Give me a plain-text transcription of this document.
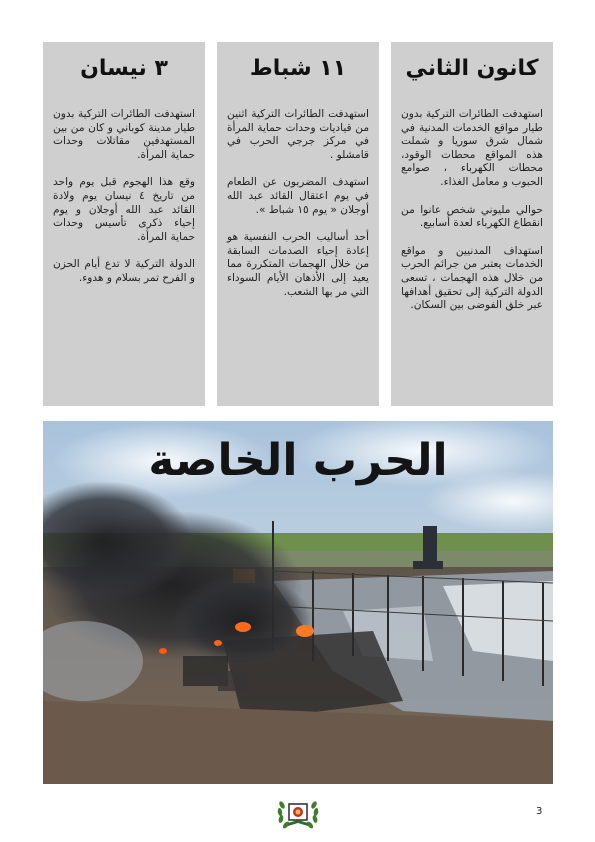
كانون الثاني

استهدفت الطائرات التركية بدون طيار مواقع الخدمات المدنية في شمال شرق سوريا و شملت هذه المواقع محطات الوقود، محطات الكهرباء ، صوامع الحبوب و معامل الغذاء.

حوالي مليوني شخص عانوا من انقطاع الكهرباء لعدة أسابيع.

استهداف المدنيين و مواقع الخدمات يعتبر من جرائم الحرب من خلال هذه الهجمات ، تسعى الدولة التركية إلى تحقيق أهدافها عبر خلق الفوضى بين السكان.

١١ شباط

استهدفت الطائرات التركية اثنين من قياديات وحدات حماية المرأة في مركز جرجي الحرب في قامشلو .

استهدف المضربون عن الطعام في يوم اعتقال القائد عبد الله أوجلان « يوم ١٥ شباط ».

أحد أساليب الحرب النفسية هو إعادة إحياء الصدمات السابقة من خلال الهجمات المتكررة مما يعيد إلى الأذهان الأيام السوداء التي مر بها الشعب.

٣ نيسان

استهدفت الطائرات التركية بدون طيار مدينة كوباني و كان من بين المستهدفين مقاتلات وحدات حماية المرأة.

وقع هذا الهجوم قبل يوم واحد من تاريخ ٤ نيسان يوم ولادة القائد عبد الله أوجلان و يوم إحياء ذكرى تأسيس وحدات حماية المرأة.

الدولة التركية لا تدع أيام الحزن و الفرح تمر بسلام و هدوء.

الحرب الخاصة
3
